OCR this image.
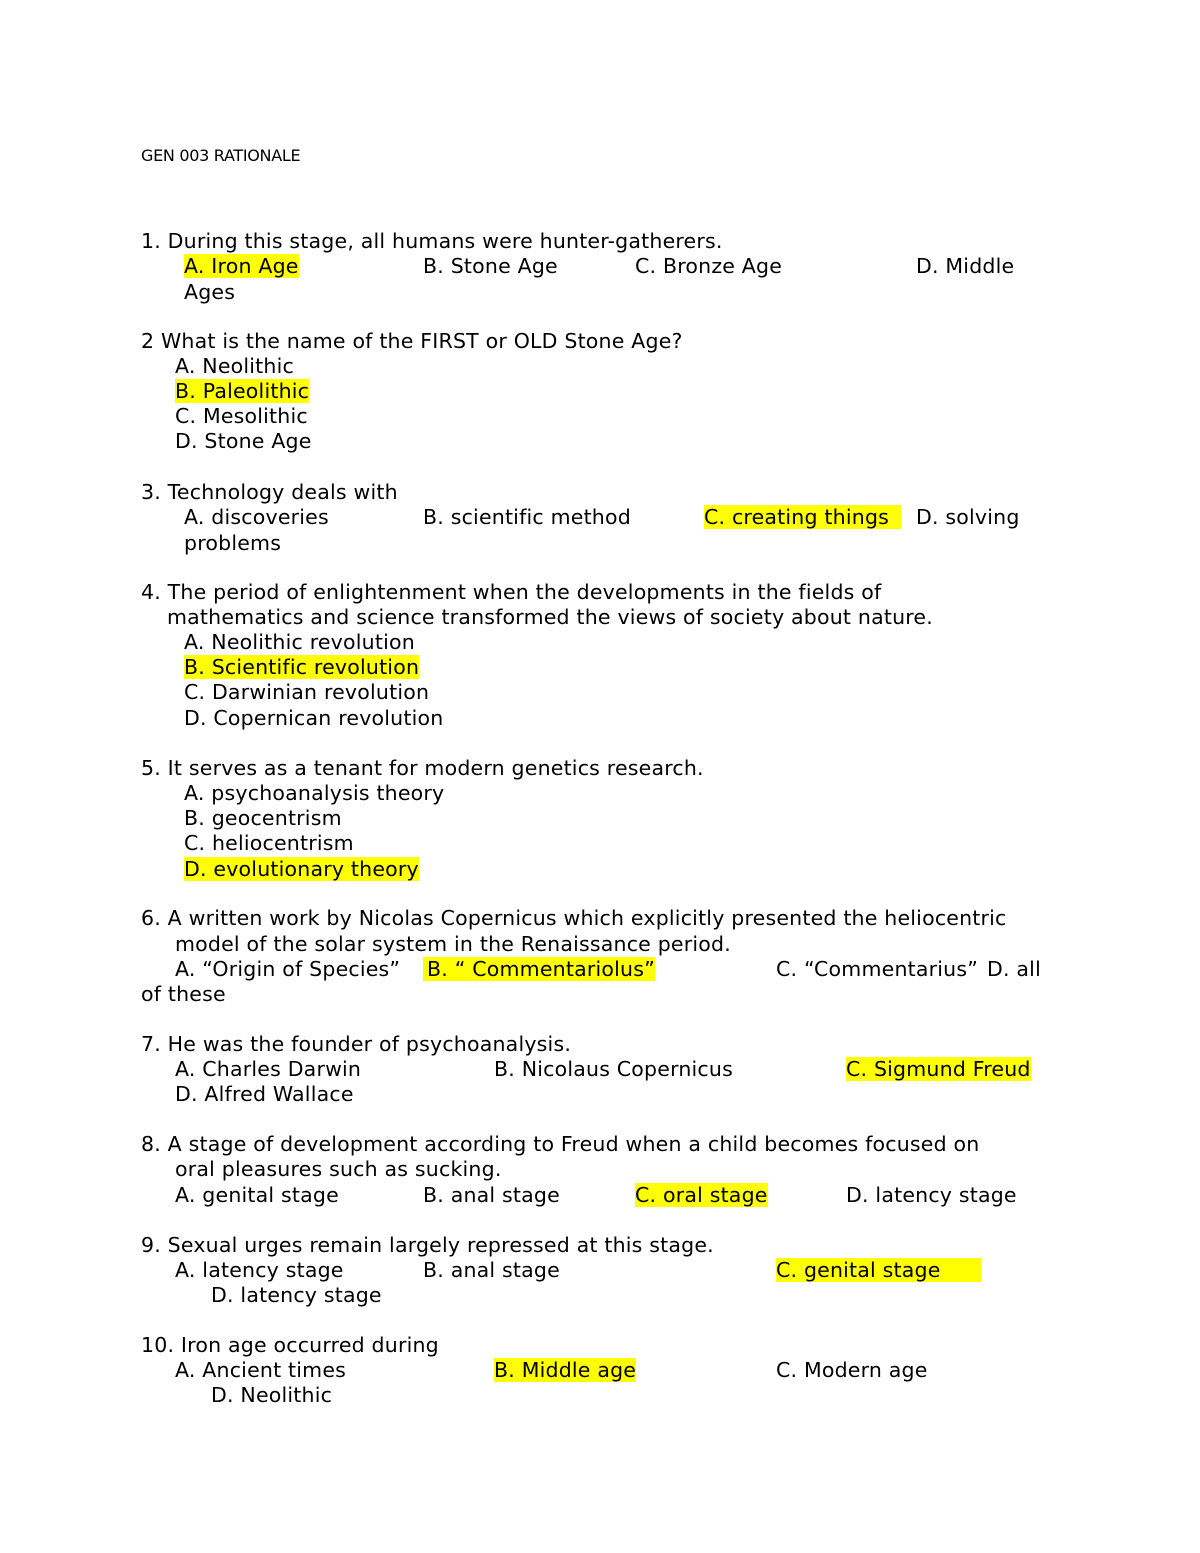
GEN 003 RATIONALE
1. During this stage, all humans were hunter-gatherers.
A. Iron Age	B. Stone Age	C. Bronze Age	D. Middle
Ages
2 What is the name of the FIRST or OLD Stone Age?
A. Neolithic
B. Paleolithic
C. Mesolithic
D. Stone Age
3. Technology deals with
A. discoveries	B. scientific method	C. creating things	D. solving
problems
4. The period of enlightenment when the developments in the fields of
mathematics and science transformed the views of society about nature.
A. Neolithic revolution
B. Scientific revolution
C. Darwinian revolution
D. Copernican revolution
5. It serves as a tenant for modern genetics research.
A. psychoanalysis theory
B. geocentrism
C. heliocentrism
D. evolutionary theory
6. A written work by Nicolas Copernicus which explicitly presented the heliocentric
model of the solar system in the Renaissance period.
A. “Origin of Species” B. “ Commentariolus”	C. “Commentarius” D. all
of these
7. He was the founder of psychoanalysis.
A. Charles Darwin	B. Nicolaus Copernicus	C. Sigmund Freud
D. Alfred Wallace
8. A stage of development according to Freud when a child becomes focused on
oral pleasures such as sucking.
A. genital stage	B. anal stage	C. oral stage	D. latency stage
9. Sexual urges remain largely repressed at this stage.
A. latency stage	B. anal stage	C. genital stage
D. latency stage
10. Iron age occurred during
A. Ancient times	B. Middle age	C. Modern age
D. Neolithic
